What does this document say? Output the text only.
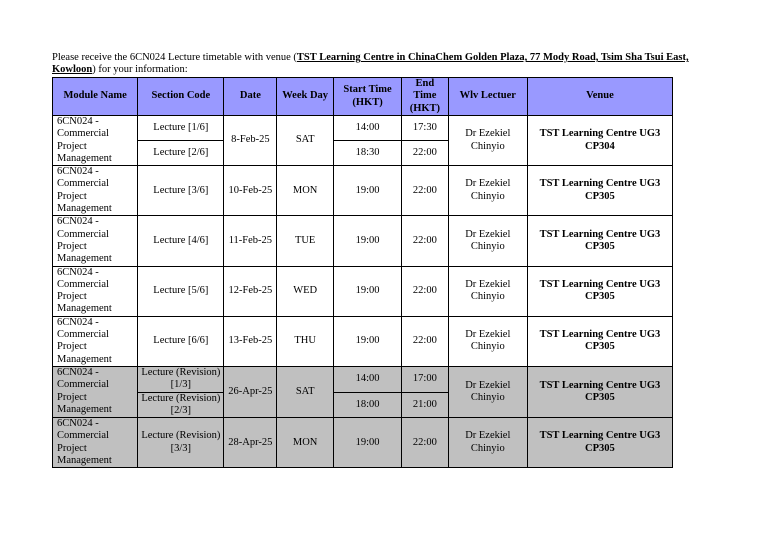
Please receive the 6CN024 Lecture timetable with venue (TST Learning Centre in ChinaChem Golden Plaza, 77 Mody Road, Tsim Sha Tsui East, Kowloon) for your information:
Module Name	Section Code	Date	Week Day	Start Time (HKT)	End Time (HKT)	Wlv Lectuer	Venue
6CN024 - Commercial Project Management	Lecture [1/6]	8-Feb-25	SAT	14:00	17:30	Dr Ezekiel Chinyio	TST Learning Centre UG3 CP304
	Lecture [2/6]			18:30	22:00		
6CN024 - Commercial Project Management	Lecture [3/6]	10-Feb-25	MON	19:00	22:00	Dr Ezekiel Chinyio	TST Learning Centre UG3 CP305
6CN024 - Commercial Project Management	Lecture [4/6]	11-Feb-25	TUE	19:00	22:00	Dr Ezekiel Chinyio	TST Learning Centre UG3 CP305
6CN024 - Commercial Project Management	Lecture [5/6]	12-Feb-25	WED	19:00	22:00	Dr Ezekiel Chinyio	TST Learning Centre UG3 CP305
6CN024 - Commercial Project Management	Lecture [6/6]	13-Feb-25	THU	19:00	22:00	Dr Ezekiel Chinyio	TST Learning Centre UG3 CP305
6CN024 - Commercial Project Management	Lecture (Revision) [1/3]	26-Apr-25	SAT	14:00	17:00	Dr Ezekiel Chinyio	TST Learning Centre UG3 CP305
	Lecture (Revision) [2/3]			18:00	21:00		
6CN024 - Commercial Project Management	Lecture (Revision) [3/3]	28-Apr-25	MON	19:00	22:00	Dr Ezekiel Chinyio	TST Learning Centre UG3 CP305
